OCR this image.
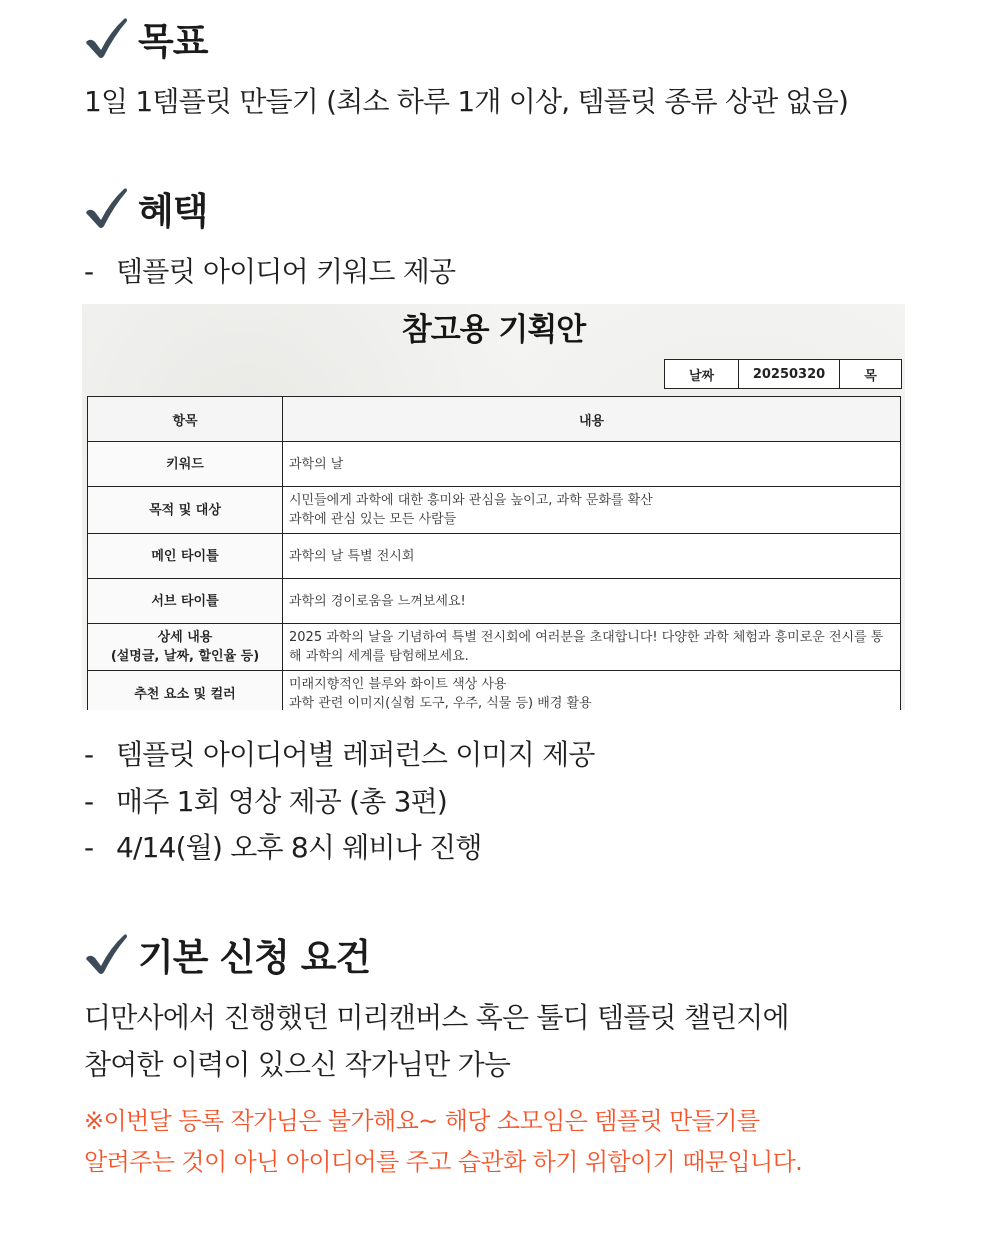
목표
1일 1템플릿 만들기 (최소 하루 1개 이상, 템플릿 종류 상관 없음)
혜택
- 템플릿 아이디어 키워드 제공
참고용 기획안
날짜	20250320	목
항목	내용
키워드	과학의 날

목적 및 대상	시민들에게 과학에 대한 흥미와 관심을 높이고, 과학 문화를 확산
과학에 관심 있는 모든 사람들

메인 타이틀	과학의 날 특별 전시회

서브 타이틀	과학의 경이로움을 느껴보세요!

상세 내용
(설명글, 날짜, 할인율 등)	2025 과학의 날을 기념하여 특별 전시회에 여러분을 초대합니다! 다양한 과학 체험과 흥미로운 전시를 통해 과학의 세계를 탐험해보세요.

추천 요소 및 컬러	미래지향적인 블루와 화이트 색상 사용
과학 관련 이미지(실험 도구, 우주, 식물 등) 배경 활용
- 템플릿 아이디어별 레퍼런스 이미지 제공
- 매주 1회 영상 제공 (총 3편)
- 4/14(월) 오후 8시 웨비나 진행
기본 신청 요건
디만사에서 진행했던 미리캔버스 혹은 툴디 템플릿 챌린지에
참여한 이력이 있으신 작가님만 가능
※이번달 등록 작가님은 불가해요~ 해당 소모임은 템플릿 만들기를
알려주는 것이 아닌 아이디어를 주고 습관화 하기 위함이기 때문입니다.
